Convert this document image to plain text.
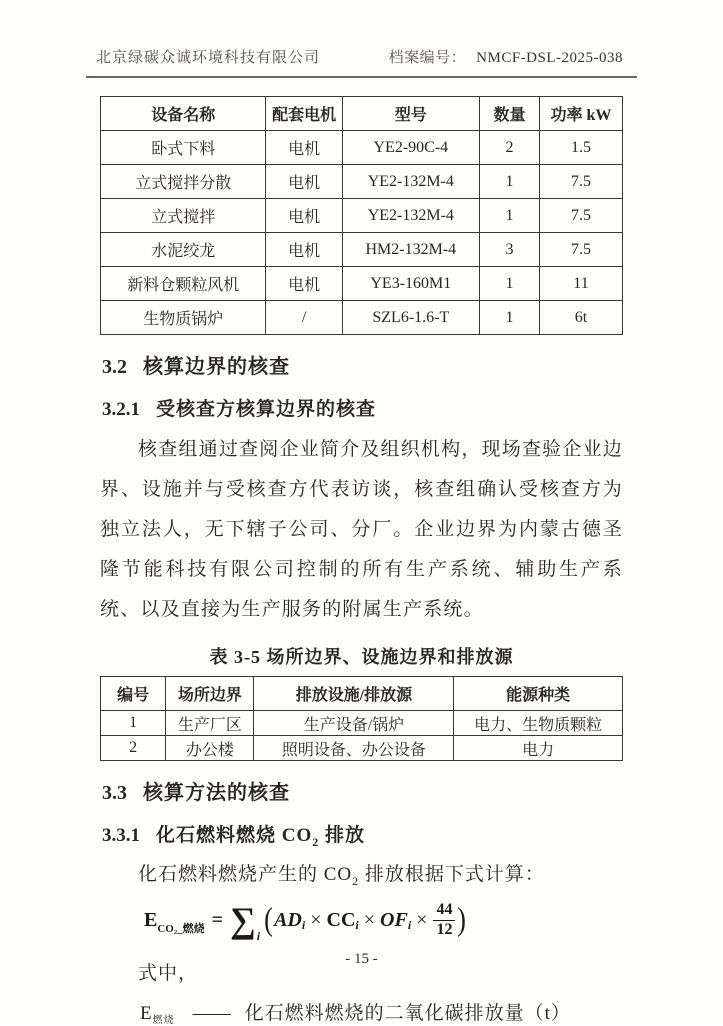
北京绿碳众诚环境科技有限公司	档案编号： NMCF-DSL-2025-038
设备名称	配套电机	型号	数量	功率 kW
卧式下料	电机	YE2-90C-4	2	1.5
立式搅拌分散	电机	YE2-132M-4	1	7.5
立式搅拌	电机	YE2-132M-4	1	7.5
水泥绞龙	电机	HM2-132M-4	3	7.5
新料仓颗粒风机	电机	YE3-160M1	1	11
生物质锅炉	/	SZL6-1.6-T	1	6t
3.2 核算边界的核查
3.2.1 受核查方核算边界的核查

核查组通过查阅企业简介及组织机构，现场查验企业边界、设施并与受核查方代表访谈，核查组确认受核查方为独立法人，无下辖子公司、分厂。企业边界为内蒙古德圣隆节能科技有限公司控制的所有生产系统、辅助生产系统、以及直接为生产服务的附属生产系统。

表 3-5 场所边界、设施边界和排放源
编号	场所边界	排放设施/排放源	能源种类
1	生产厂区	生产设备/锅炉	电力、生物质颗粒
2	办公楼	照明设备、办公设备	电力
3.3 核算方法的核查
3.3.1 化石燃料燃烧 $CO_2$ 排放
化石燃料燃烧产生的 $CO_2$ 排放根据下式计算：
$E_{CO_2\_燃烧}$ = ∑ i ( AD i × CC i × OF $i \times \frac{44}{12}$ )
式中，
$E_{燃烧}$ —— 化石燃料燃烧的二氧化碳排放量（t）
- 15 -
